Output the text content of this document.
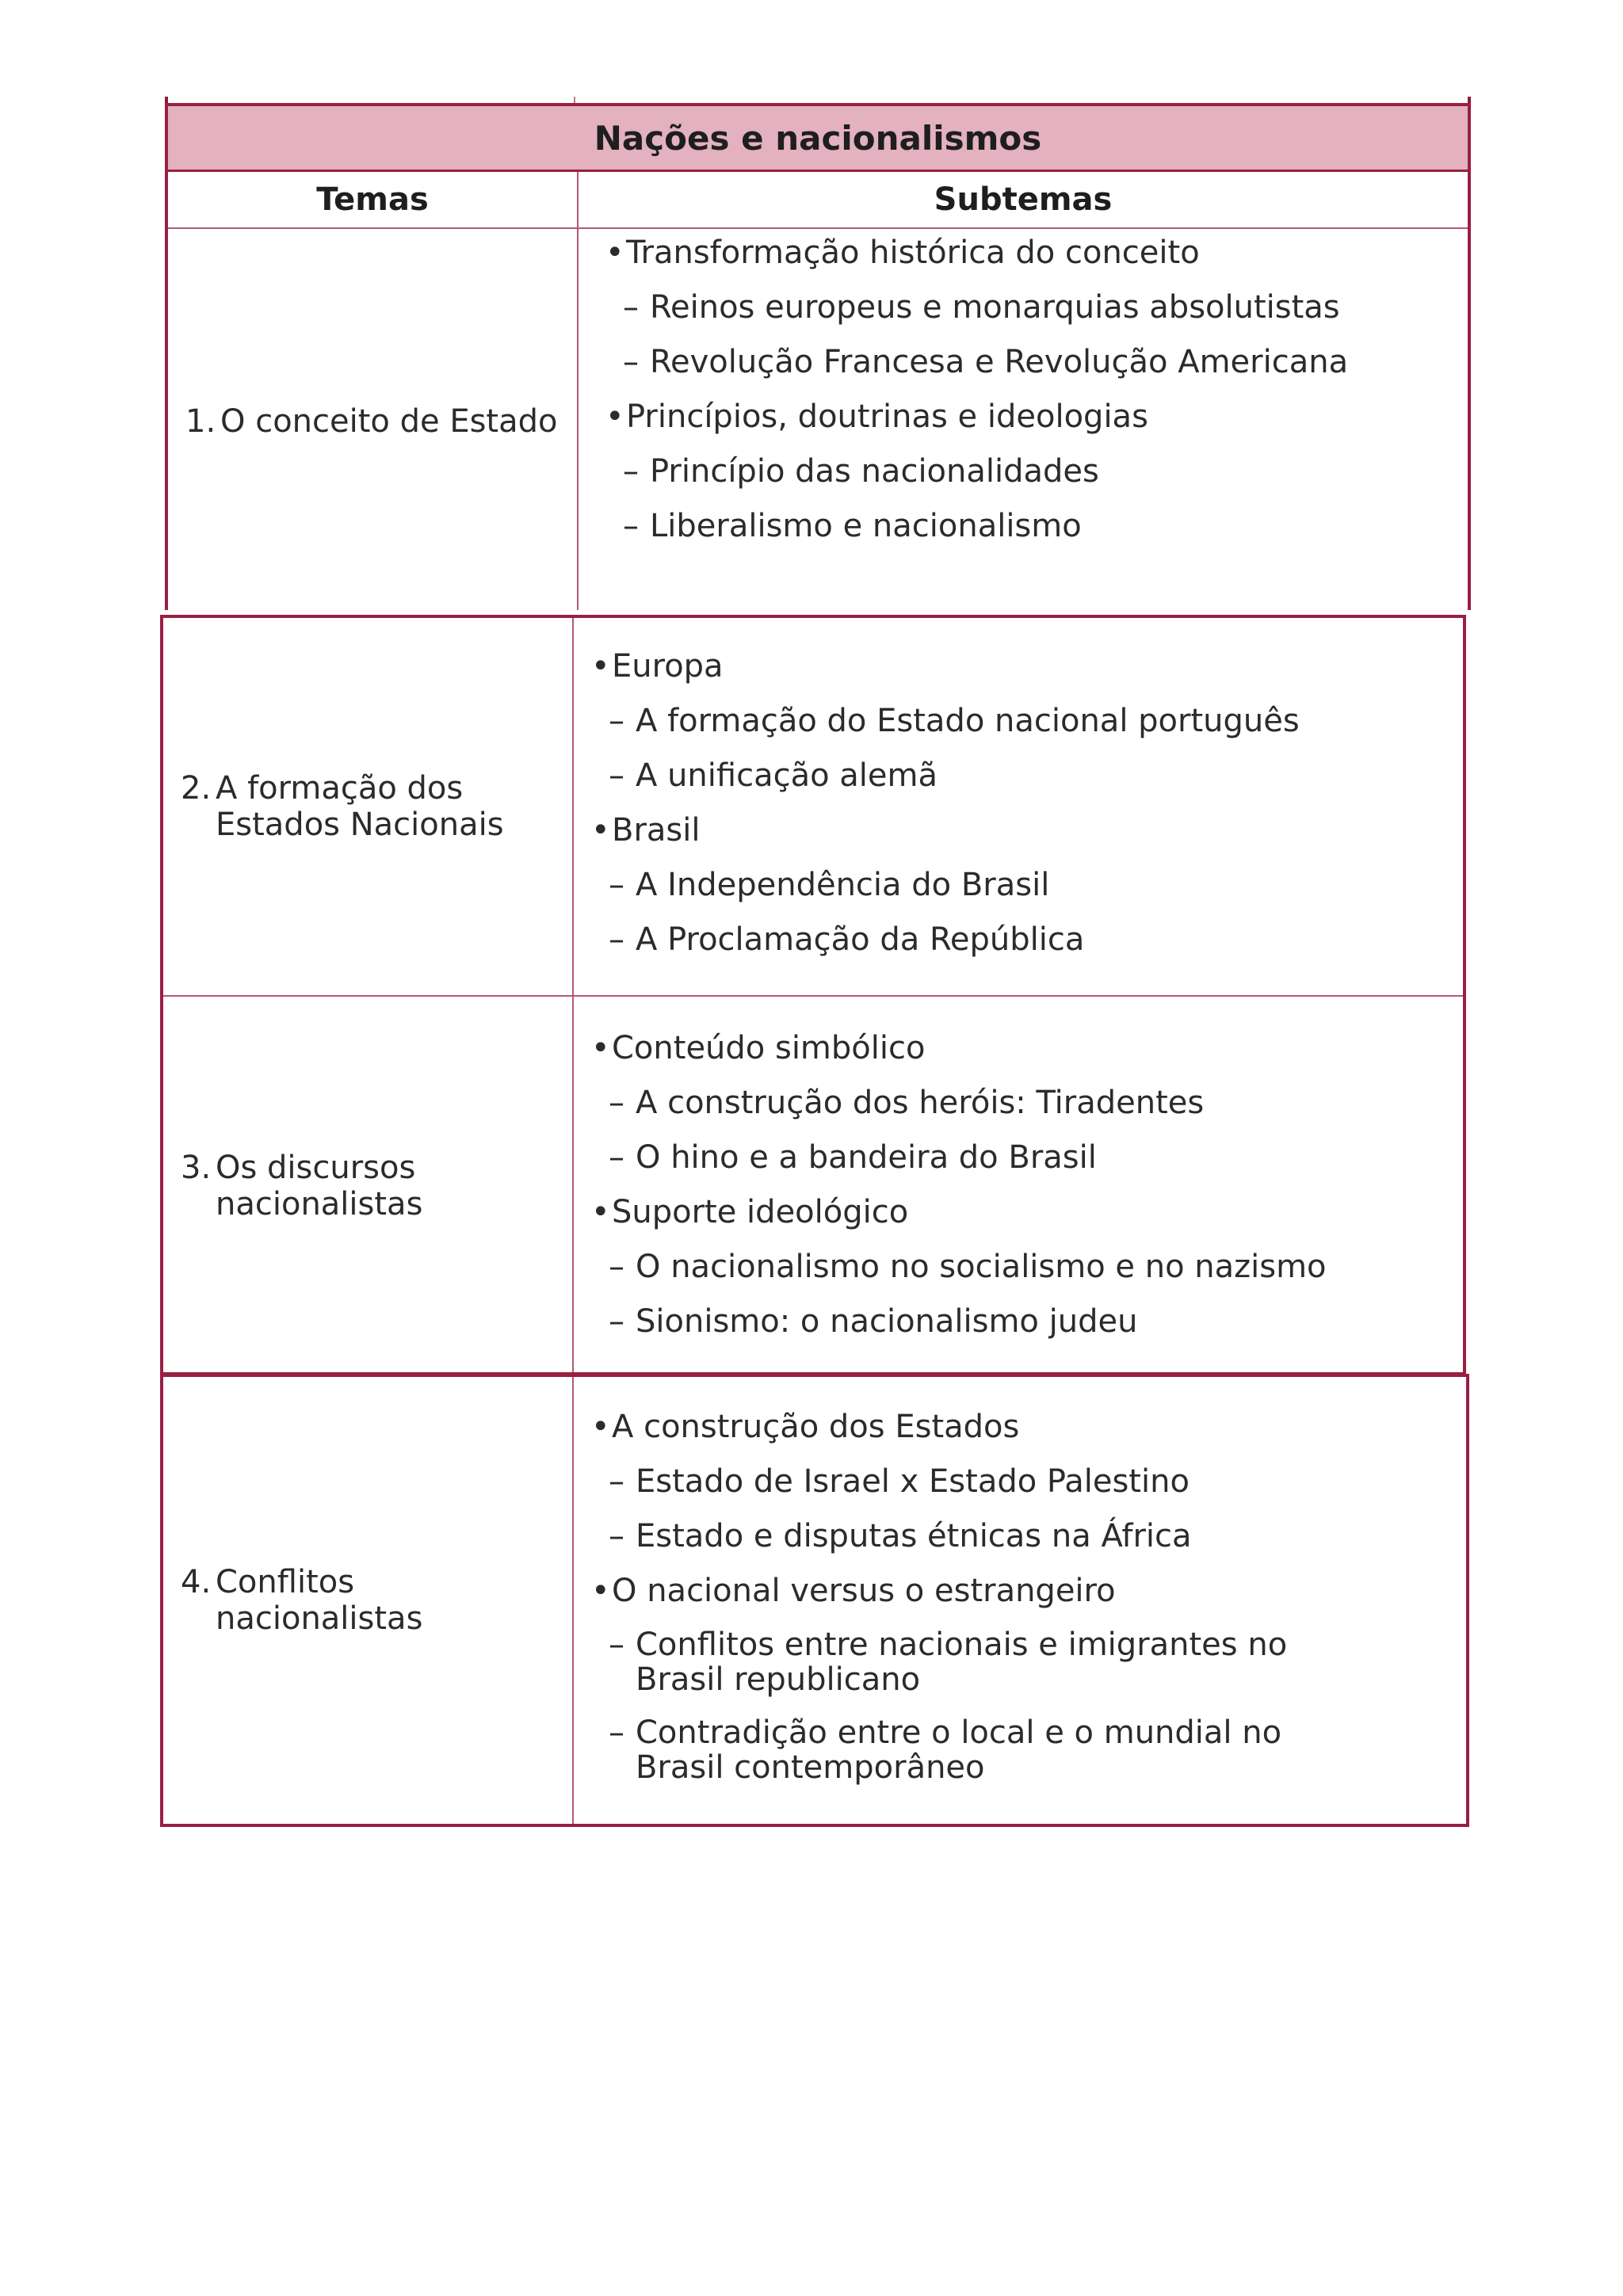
Nações e nacionalismos
Temas	Subtemas
1. O conceito de Estado
• Transformação histórica do conceito
– Reinos europeus e monarquias absolutistas
– Revolução Francesa e Revolução Americana
• Princípios, doutrinas e ideologias
– Princípio das nacionalidades
– Liberalismo e nacionalismo
2. A formação dos
Estados Nacionais
• Europa
– A formação do Estado nacional português
– A unificação alemã
• Brasil
– A Independência do Brasil
– A Proclamação da República
3. Os discursos
nacionalistas
• Conteúdo simbólico
– A construção dos heróis: Tiradentes
– O hino e a bandeira do Brasil
• Suporte ideológico
– O nacionalismo no socialismo e no nazismo
– Sionismo: o nacionalismo judeu
4. Conflitos
nacionalistas
• A construção dos Estados
– Estado de Israel x Estado Palestino
– Estado e disputas étnicas na África
• O nacional versus o estrangeiro
– Conflitos entre nacionais e imigrantes no Brasil republicano
– Contradição entre o local e o mundial no Brasil contemporâneo
